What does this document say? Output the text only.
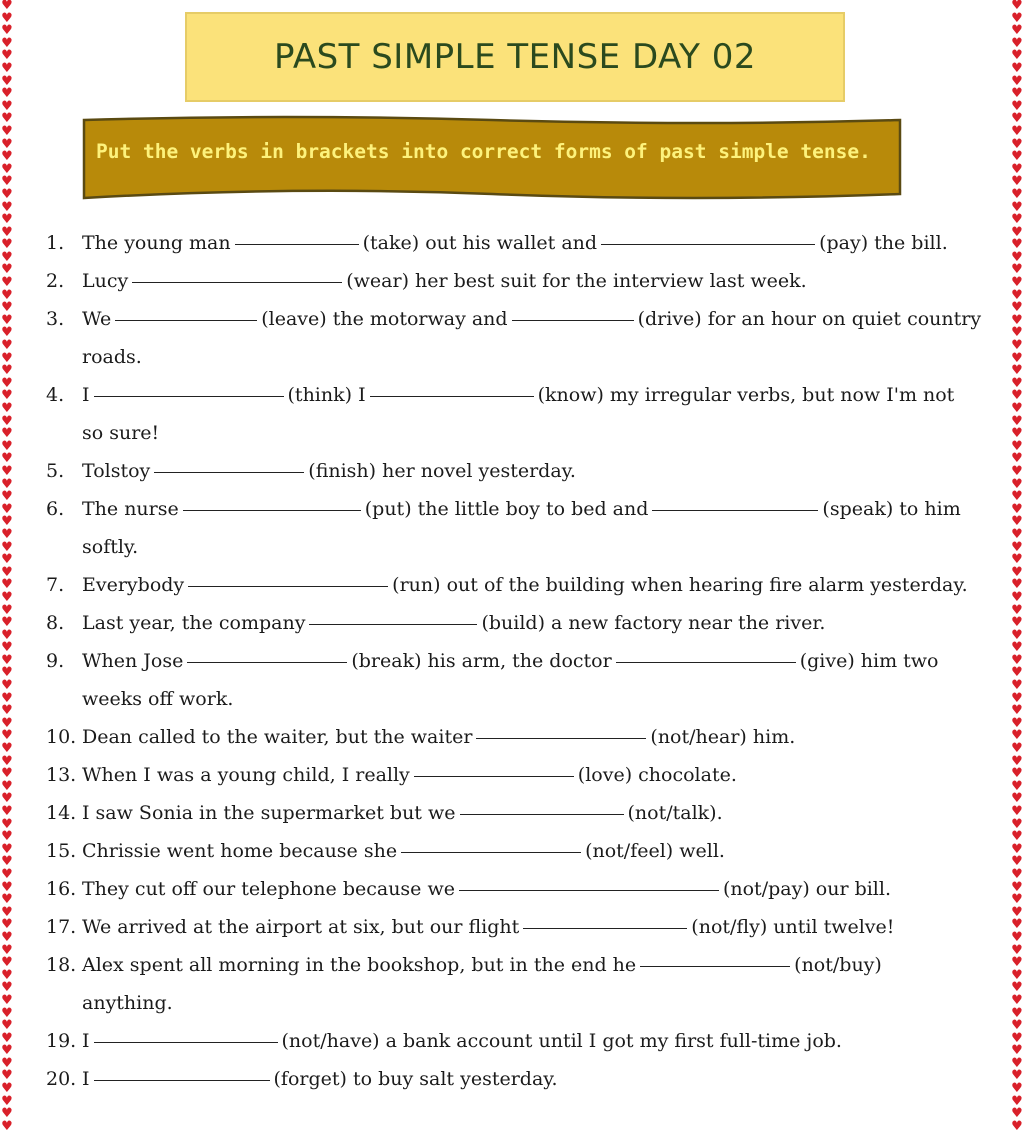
♥
♥
♥
♥
♥
♥
♥
♥
♥
♥
♥
♥
♥
♥
♥
♥
♥
♥
♥
♥
♥
♥
♥
♥
♥
♥
♥
♥
♥
♥
♥
♥
♥
♥
♥
♥
♥
♥
♥
♥
♥
♥
♥
♥
♥
♥
♥
♥
♥
♥
♥
♥
♥
♥
♥
♥
♥
♥
♥
♥
♥
♥
♥
♥
♥
♥
♥
♥
♥
♥
♥
♥
♥
♥
♥
♥
♥
♥
♥
♥
♥
♥
♥
♥
♥
♥
♥
♥
♥
♥
♥
♥
♥
♥
♥
♥
♥
♥
♥
♥
♥
♥
♥
♥
♥
♥
♥
♥
♥
♥
♥
♥
♥
♥
♥
♥
♥
♥
♥
♥
♥
♥
♥
♥
♥
♥
♥
♥
♥
♥
♥
♥
♥
♥
♥
♥
♥
♥
♥
♥
♥
♥
♥
♥
♥
♥
♥
♥
♥
♥
♥
♥
♥
♥
♥
♥
♥
♥
♥
♥
♥
♥
♥
♥
♥
♥
♥
♥
♥
♥
♥
♥
♥
♥
♥
♥
♥
♥
♥
♥
PAST SIMPLE TENSE DAY 02
Put the verbs in brackets into correct forms of past simple tense.
1. The young man	(take) out his wallet and	(pay) the bill.
2. Lucy	(wear) her best suit for the interview last week.
3. We	(leave) the motorway and	(drive) for an hour on quiet country
roads.
4. I	(think) I	(know) my irregular verbs, but now I'm not
so sure!
5. Tolstoy	(finish) her novel yesterday.
6. The nurse	(put) the little boy to bed and	(speak) to him
softly.
7. Everybody	(run) out of the building when hearing fire alarm yesterday.
8. Last year, the company	(build) a new factory near the river.
9. When Jose	(break) his arm, the doctor	(give) him two
weeks off work.
10. Dean called to the waiter, but the waiter	(not/hear) him.
13. When I was a young child, I really	(love) chocolate.
14. I saw Sonia in the supermarket but we	(not/talk).
15. Chrissie went home because she	(not/feel) well.
16. They cut off our telephone because we	(not/pay) our bill.
17. We arrived at the airport at six, but our flight	(not/fly) until twelve!
18. Alex spent all morning in the bookshop, but in the end he	(not/buy)
anything.
19. I	(not/have) a bank account until I got my first full-time job.
20. I	(forget) to buy salt yesterday.
